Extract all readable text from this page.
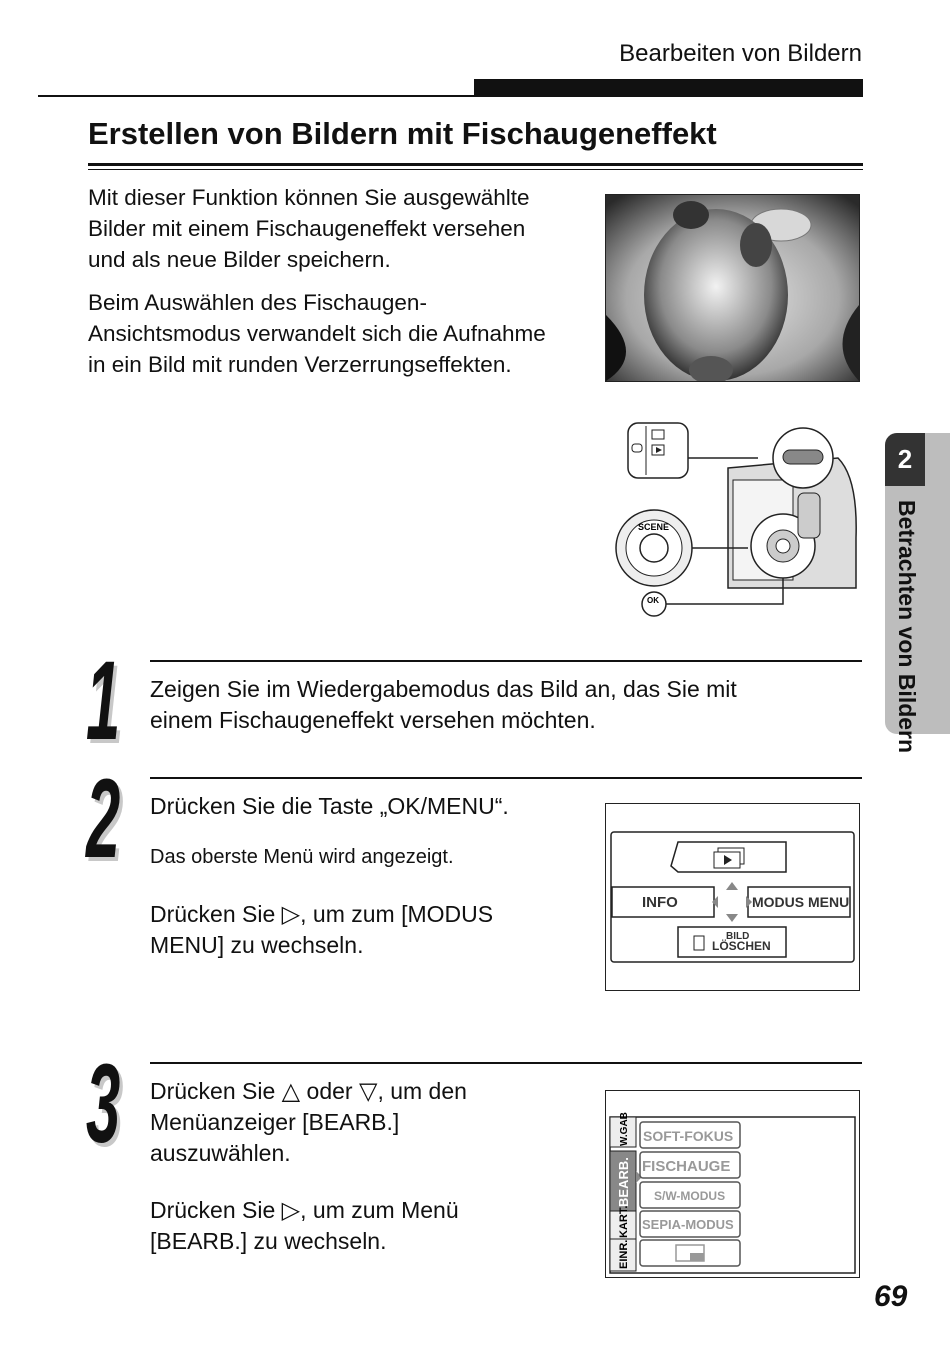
Bearbeiten von Bildern
Erstellen von Bildern mit Fischaugeneffekt
Mit dieser Funktion können Sie ausgewählte
Bilder mit einem Fischaugeneffekt versehen
und als neue Bilder speichern.
Beim Auswählen des Fischaugen-
Ansichtsmodus verwandelt sich die Aufnahme
in ein Bild mit runden Verzerrungseffekten.
SCENE
OK
2
Betrachten von Bildern
1 Zeigen Sie im Wiedergabemodus das Bild an, das Sie mit
einem Fischaugeneffekt versehen möchten.
2 Drücken Sie die Taste „OK/MENU“.
Das oberste Menü wird angezeigt.
Drücken Sie ▷, um zum [MODUS
MENU] zu wechseln.
INFO	MODUS MENU
BILD
LÖSCHEN
3 Drücken Sie △ oder ▽, um den
Menüanzeiger [BEARB.]
auszuwählen.
Drücken Sie ▷, um zum Menü
[BEARB.] zu wechseln.
W.GAB
BEARB.
KART.
EINR.
SOFT-FOKUS
FISCHAUGE
S/W-MODUS
SEPIA-MODUS
69
